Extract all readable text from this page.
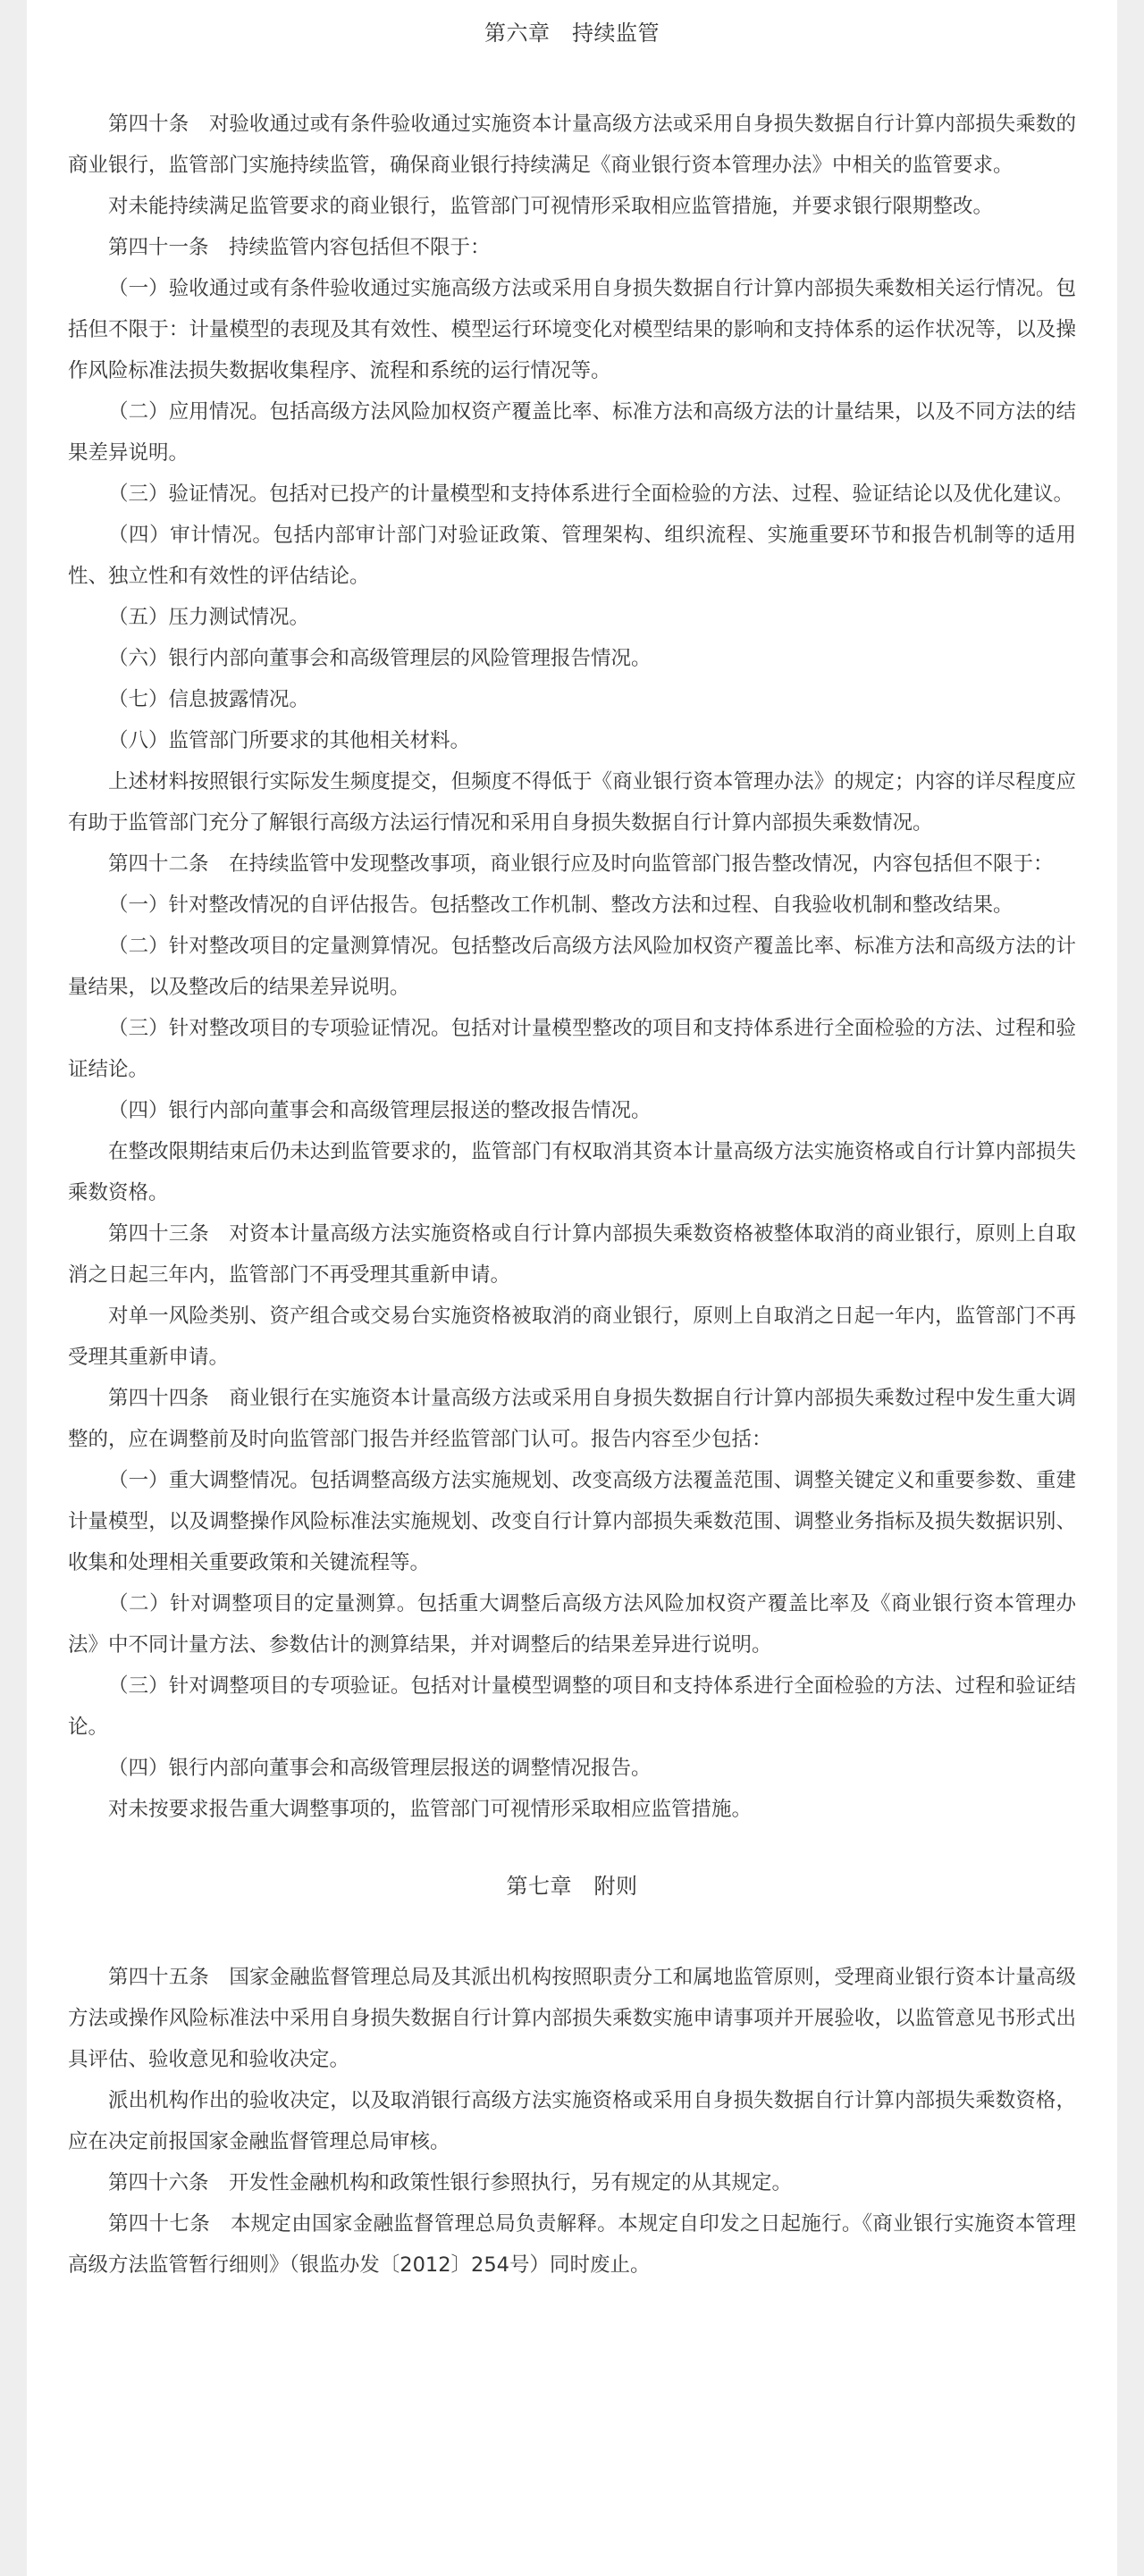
第六章　持续监管

第四十条　对验收通过或有条件验收通过实施资本计量高级方法或采用自身损失数据自行计算内部损失乘数的商业银行，监管部门实施持续监管，确保商业银行持续满足《商业银行资本管理办法》中相关的监管要求。

对未能持续满足监管要求的商业银行，监管部门可视情形采取相应监管措施，并要求银行限期整改。

第四十一条　持续监管内容包括但不限于：

（一）验收通过或有条件验收通过实施高级方法或采用自身损失数据自行计算内部损失乘数相关运行情况。包括但不限于：计量模型的表现及其有效性、模型运行环境变化对模型结果的影响和支持体系的运作状况等，以及操作风险标准法损失数据收集程序、流程和系统的运行情况等。

（二）应用情况。包括高级方法风险加权资产覆盖比率、标准方法和高级方法的计量结果，以及不同方法的结果差异说明。

（三）验证情况。包括对已投产的计量模型和支持体系进行全面检验的方法、过程、验证结论以及优化建议。

（四）审计情况。包括内部审计部门对验证政策、管理架构、组织流程、实施重要环节和报告机制等的适用性、独立性和有效性的评估结论。

（五）压力测试情况。

（六）银行内部向董事会和高级管理层的风险管理报告情况。

（七）信息披露情况。

（八）监管部门所要求的其他相关材料。

上述材料按照银行实际发生频度提交，但频度不得低于《商业银行资本管理办法》的规定；内容的详尽程度应有助于监管部门充分了解银行高级方法运行情况和采用自身损失数据自行计算内部损失乘数情况。

第四十二条　在持续监管中发现整改事项，商业银行应及时向监管部门报告整改情况，内容包括但不限于：

（一）针对整改情况的自评估报告。包括整改工作机制、整改方法和过程、自我验收机制和整改结果。

（二）针对整改项目的定量测算情况。包括整改后高级方法风险加权资产覆盖比率、标准方法和高级方法的计量结果，以及整改后的结果差异说明。

（三）针对整改项目的专项验证情况。包括对计量模型整改的项目和支持体系进行全面检验的方法、过程和验证结论。

（四）银行内部向董事会和高级管理层报送的整改报告情况。

在整改限期结束后仍未达到监管要求的，监管部门有权取消其资本计量高级方法实施资格或自行计算内部损失乘数资格。

第四十三条　对资本计量高级方法实施资格或自行计算内部损失乘数资格被整体取消的商业银行，原则上自取消之日起三年内，监管部门不再受理其重新申请。

对单一风险类别、资产组合或交易台实施资格被取消的商业银行，原则上自取消之日起一年内，监管部门不再受理其重新申请。

第四十四条　商业银行在实施资本计量高级方法或采用自身损失数据自行计算内部损失乘数过程中发生重大调整的，应在调整前及时向监管部门报告并经监管部门认可。报告内容至少包括：

（一）重大调整情况。包括调整高级方法实施规划、改变高级方法覆盖范围、调整关键定义和重要参数、重建计量模型，以及调整操作风险标准法实施规划、改变自行计算内部损失乘数范围、调整业务指标及损失数据识别、收集和处理相关重要政策和关键流程等。

（二）针对调整项目的定量测算。包括重大调整后高级方法风险加权资产覆盖比率及《商业银行资本管理办法》中不同计量方法、参数估计的测算结果，并对调整后的结果差异进行说明。

（三）针对调整项目的专项验证。包括对计量模型调整的项目和支持体系进行全面检验的方法、过程和验证结论。

（四）银行内部向董事会和高级管理层报送的调整情况报告。

对未按要求报告重大调整事项的，监管部门可视情形采取相应监管措施。

第七章　附则

第四十五条　国家金融监督管理总局及其派出机构按照职责分工和属地监管原则，受理商业银行资本计量高级方法或操作风险标准法中采用自身损失数据自行计算内部损失乘数实施申请事项并开展验收，以监管意见书形式出具评估、验收意见和验收决定。

派出机构作出的验收决定，以及取消银行高级方法实施资格或采用自身损失数据自行计算内部损失乘数资格，应在决定前报国家金融监督管理总局审核。

第四十六条　开发性金融机构和政策性银行参照执行，另有规定的从其规定。

第四十七条　本规定由国家金融监督管理总局负责解释。本规定自印发之日起施行。《商业银行实施资本管理高级方法监管暂行细则》（银监办发〔2012〕254号）同时废止。
